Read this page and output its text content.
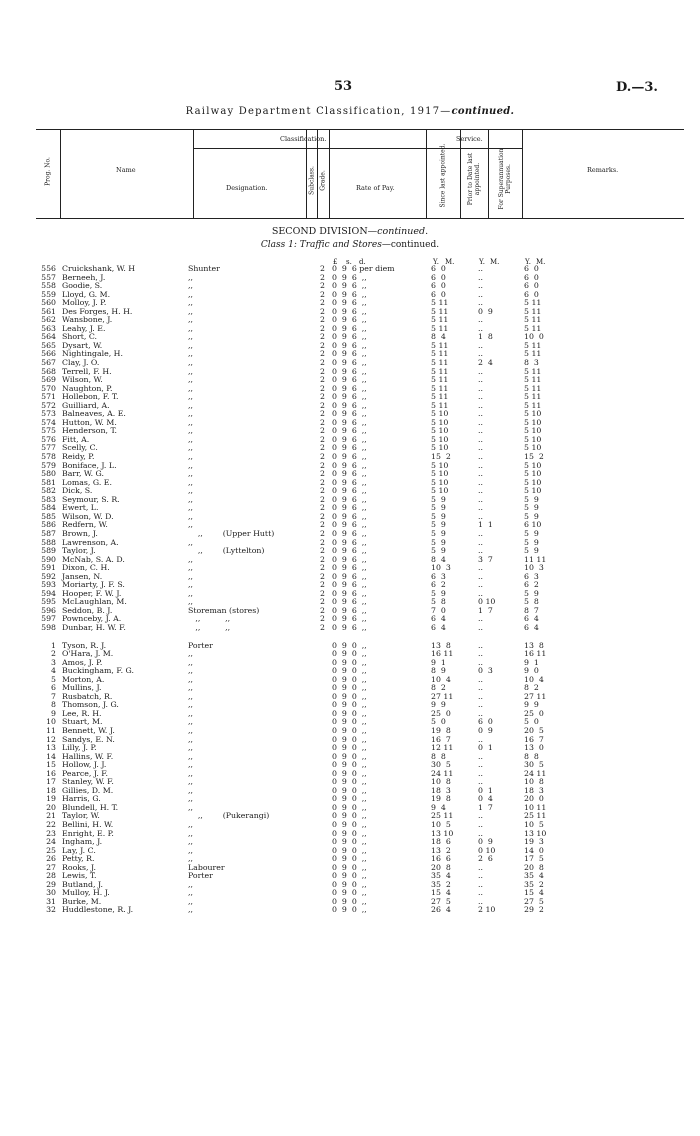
53	D.—3.
Railway Department Classification, 1917—continued.
Prog. No.	Name
Classification.
Designation.	Subclass. Grade.	Rate of Pay.
Service.
Since last appointed.	Prior to Date last appointed.	For Superannuation Purposes.	Remarks.
SECOND DIVISION—continued.
Class 1: Traffic and Stores—continued.
£ s. d.	Y. M.	Y. M.	Y. M.
556 Cruickshank, W. H	Shunter	2 0  9  6 per diem	6  0	..	6  0
557 Berneeh, J.	,,	2 0  9  6  ,,	6  0	..	6  0
558 Goodie, S.	,,	2 0  9  6  ,,	6  0	..	6  0
559 Lloyd, G. M.	,,	2 0  9  6  ,,	6  0	..	6  0
560 Molloy, J. P.	,,	2 0  9  6  ,,	5 11	..	5 11
561 Des Forges, H. H.	,,	2 0  9  6  ,,	5 11	0  9	5 11
562 Wansbone, J.	,,	2 0  9  6  ,,	5 11	..	5 11
563 Leahy, J. E.	,,	2 0  9  6  ,,	5 11	..	5 11
564 Short, C.	,,	2 0  9  6  ,,	8  4	1  8	10  0
565 Dysart, W.	,,	2 0  9  6  ,,	5 11	..	5 11
566 Nightingale, H.	,,	2 0  9  6  ,,	5 11	..	5 11
567 Clay, J. O.	,,	2 0  9  6  ,,	5 11	2  4	8  3
568 Terrell, F. H.	,,	2 0  9  6  ,,	5 11	..	5 11
569 Wilson, W.	,,	2 0  9  6  ,,	5 11	..	5 11
570 Naughton, P.	,,	2 0  9  6  ,,	5 11	..	5 11
571 Hollebon, F. T.	,,	2 0  9  6  ,,	5 11	..	5 11
572 Guilliard, A.	,,	2 0  9  6  ,,	5 11	..	5 11
573 Balneaves, A. E.	,,	2 0  9  6  ,,	5 10	..	5 10
574 Hutton, W. M.	,,	2 0  9  6  ,,	5 10	..	5 10
575 Henderson, T.	,,	2 0  9  6  ,,	5 10	..	5 10
576 Fitt, A.	,,	2 0  9  6  ,,	5 10	..	5 10
577 Scelly, C.	,,	2 0  9  6  ,,	5 10	..	5 10
578 Reidy, P.	,,	2 0  9  6  ,,	15  2	..	15  2
579 Boniface, J. L.	,,	2 0  9  6  ,,	5 10	..	5 10
580 Barr, W. G.	,,	2 0  9  6  ,,	5 10	..	5 10
581 Lomas, G. E.	,,	2 0  9  6  ,,	5 10	..	5 10
582 Dick, S.	,,	2 0  9  6  ,,	5 10	..	5 10
583 Seymour, S. R.	,,	2 0  9  6  ,,	5  9	..	5  9
584 Ewert, L.	,,	2 0  9  6  ,,	5  9	..	5  9
585 Wilson, W. D.	,,	2 0  9  6  ,,	5  9	..	5  9
586 Redfern, W.	,,	2 0  9  6  ,,	5  9	1  1	6 10
587 Brown, J.	,,        (Upper Hutt)	2 0  9  6  ,,	5  9	..	5  9
588 Lawrenson, A.	,,	2 0  9  6  ,,	5  9	..	5  9
589 Taylor, J.	,,        (Lyttelton)	2 0  9  6  ,,	5  9	..	5  9
590 McNab, S. A. D.	,,	2 0  9  6  ,,	8  4	3  7	11 11
591 Dixon, C. H.	,,	2 0  9  6  ,,	10  3	..	10  3
592 Jansen, N.	,,	2 0  9  6  ,,	6  3	..	6  3
593 Moriarty, J. F. S.	,,	2 0  9  6  ,,	6  2	..	6  2
594 Hooper, F. W. J.	,,	2 0  9  6  ,,	5  9	..	5  9
595 McLaughlan, M.	,,	2 0  9  6  ,,	5  8	0 10	5  8
596 Seddon, B. J.	Storeman (stores)	2 0  9  6  ,,	7  0	1  7	8  7
597 Pownceby, J. A.	,,          ,,	2 0  9  6  ,,	6  4	..	6  4
598 Dunbar, H. W. F.	,,          ,,	2 0  9  6  ,,	6  4	..	6  4
1 Tyson, R. J.	Porter	0  9  0  ,,	13  8	..	13  8
2 O'Hara, J. M.	,,	0  9  0  ,,	16 11	..	16 11
3 Amos, J. P.	,,	0  9  0  ,,	9  1	..	9  1
4 Buckingham, F. G.	,,	0  9  0  ,,	8  9	0  3	9  0
5 Morton, A.	,,	0  9  0  ,,	10  4	..	10  4
6 Mullins, J.	,,	0  9  0  ,,	8  2	..	8  2
7 Rusbatch, R.	,,	0  9  0  ,,	27 11	..	27 11
8 Thomson, J. G.	,,	0  9  0  ,,	9  9	..	9  9
9 Lee, R. H.	,,	0  9  0  ,,	25  0	..	25  0
10 Stuart, M.	,,	0  9  0  ,,	5  0	6  0	5  0
11 Bennett, W. J.	,,	0  9  0  ,,	19  8	0  9	20  5
12 Sandys, E. N.	,,	0  9  0  ,,	16  7	..	16  7
13 Lilly, J. P.	,,	0  9  0  ,,	12 11	0  1	13  0
14 Hallins, W. F.	,,	0  9  0  ,,	8  8	..	8  8
15 Hollow, J. J.	,,	0  9  0  ,,	30  5	..	30  5
16 Pearce, J. F.	,,	0  9  0  ,,	24 11	..	24 11
17 Stanley, W. F.	,,	0  9  0  ,,	10  8	..	10  8
18 Gillies, D. M.	,,	0  9  0  ,,	18  3	0  1	18  3
19 Harris, G.	,,	0  9  0  ,,	19  8	0  4	20  0
20 Blundell, H. T.	,,	0  9  0  ,,	9  4	1  7	10 11
21 Taylor, W.	,,        (Pukerangi)	0  9  0  ,,	25 11	..	25 11
22 Bellini, H. W.	,,	0  9  0  ,,	10  5	..	10  5
23 Enright, E. P.	,,	0  9  0  ,,	13 10	..	13 10
24 Ingham, J.	,,	0  9  0  ,,	18  6	0  9	19  3
25 Lay, J. C.	,,	0  9  0  ,,	13  2	0 10	14  0
26 Petty, R.	,,	0  9  0  ,,	16  6	2  6	17  5
27 Rooks, J.	Labourer	0  9  0  ,,	20  8	..	20  8
28 Lewis, T.	Porter	0  9  0  ,,	35  4	..	35  4
29 Butland, J.	,,	0  9  0  ,,	35  2	..	35  2
30 Mulloy, H. J.	,,	0  9  0  ,,	15  4	..	15  4
31 Burke, M.	,,	0  9  0  ,,	27  5	..	27  5
32 Huddlestone, R. J.	,,	0  9  0  ,,	26  4	2 10	29  2
